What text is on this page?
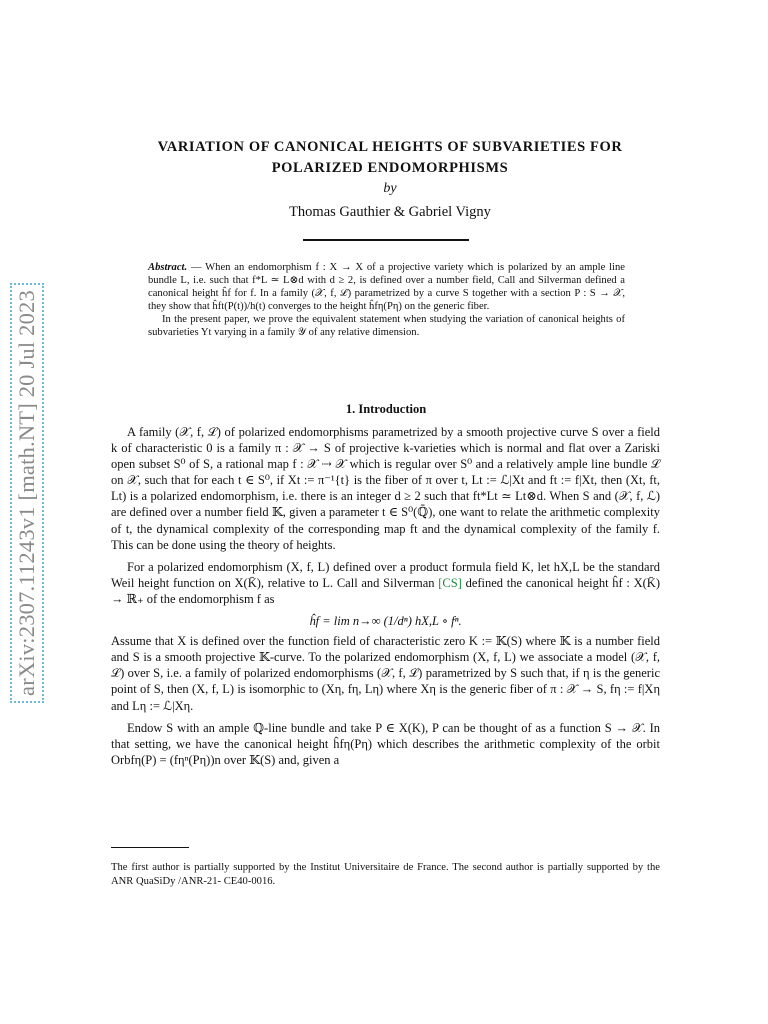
arXiv:2307.11243v1 [math.NT] 20 Jul 2023
VARIATION OF CANONICAL HEIGHTS OF SUBVARIETIES FOR
POLARIZED ENDOMORPHISMS
by
Thomas Gauthier & Gabriel Vigny

Abstract. — When an endomorphism f : X → X of a projective variety which is polarized by an ample line bundle L, i.e. such that f*L ≃ L⊗d with d ≥ 2, is defined over a number field, Call and Silverman defined a canonical height ĥf for f. In a family (𝒳, f, ℒ) parametrized by a curve S together with a section P : S → 𝒳, they show that ĥft(P(t))/h(t) converges to the height ĥfη(Pη) on the generic fiber.

In the present paper, we prove the equivalent statement when studying the variation of canonical heights of subvarieties Yt varying in a family 𝒴 of any relative dimension.

1. Introduction

A family (𝒳, f, ℒ) of polarized endomorphisms parametrized by a smooth projective curve S over a field k of characteristic 0 is a family π : 𝒳 → S of projective k-varieties which is normal and flat over a Zariski open subset S⁰ of S, a rational map f : 𝒳 ⇢ 𝒳 which is regular over S⁰ and a relatively ample line bundle ℒ on 𝒳, such that for each t ∈ S⁰, if Xt := π⁻¹{t} is the fiber of π over t, Lt := ℒ|Xt and ft := f|Xt, then (Xt, ft, Lt) is a polarized endomorphism, i.e. there is an integer d ≥ 2 such that ft*Lt ≃ Lt⊗d. When S and (𝒳, f, ℒ) are defined over a number field 𝕂, given a parameter t ∈ S⁰(ℚ̄), one want to relate the arithmetic complexity of t, the dynamical complexity of the corresponding map ft and the dynamical complexity of the family f. This can be done using the theory of heights.

For a polarized endomorphism (X, f, L) defined over a product formula field K, let hX,L be the standard Weil height function on X(K̄), relative to L. Call and Silverman [CS] defined the canonical height ĥf : X(K̄) → ℝ₊ of the endomorphism f as

ĥf = lim n→∞ (1/dⁿ) hX,L ∘ fⁿ.

Assume that X is defined over the function field of characteristic zero K := 𝕂(S) where 𝕂 is a number field and S is a smooth projective 𝕂-curve. To the polarized endomorphism (X, f, L) we associate a model (𝒳, f, ℒ) over S, i.e. a family of polarized endomorphisms (𝒳, f, ℒ) parametrized by S such that, if η is the generic point of S, then (X, f, L) is isomorphic to (Xη, fη, Lη) where Xη is the generic fiber of π : 𝒳 → S, fη := f|Xη and Lη := ℒ|Xη.

Endow S with an ample ℚ-line bundle and take P ∈ X(K), P can be thought of as a function S → 𝒳. In that setting, we have the canonical height ĥfη(Pη) which describes the arithmetic complexity of the orbit Orbfη(P) = (fηⁿ(Pη))n over 𝕂(S) and, given a

The first author is partially supported by the Institut Universitaire de France. The second author is partially supported by the ANR QuaSiDy /ANR-21- CE40-0016.
